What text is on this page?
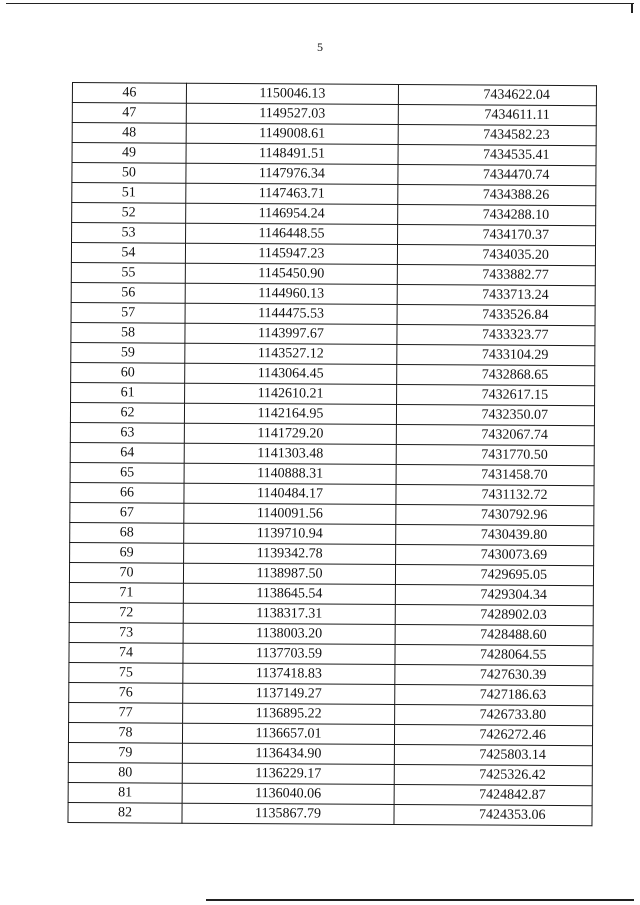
5
46	1150046.13	7434622.04
47	1149527.03	7434611.11
48	1149008.61	7434582.23
49	1148491.51	7434535.41
50	1147976.34	7434470.74
51	1147463.71	7434388.26
52	1146954.24	7434288.10
53	1146448.55	7434170.37
54	1145947.23	7434035.20
55	1145450.90	7433882.77
56	1144960.13	7433713.24
57	1144475.53	7433526.84
58	1143997.67	7433323.77
59	1143527.12	7433104.29
60	1143064.45	7432868.65
61	1142610.21	7432617.15
62	1142164.95	7432350.07
63	1141729.20	7432067.74
64	1141303.48	7431770.50
65	1140888.31	7431458.70
66	1140484.17	7431132.72
67	1140091.56	7430792.96
68	1139710.94	7430439.80
69	1139342.78	7430073.69
70	1138987.50	7429695.05
71	1138645.54	7429304.34
72	1138317.31	7428902.03
73	1138003.20	7428488.60
74	1137703.59	7428064.55
75	1137418.83	7427630.39
76	1137149.27	7427186.63
77	1136895.22	7426733.80
78	1136657.01	7426272.46
79	1136434.90	7425803.14
80	1136229.17	7425326.42
81	1136040.06	7424842.87
82	1135867.79	7424353.06
